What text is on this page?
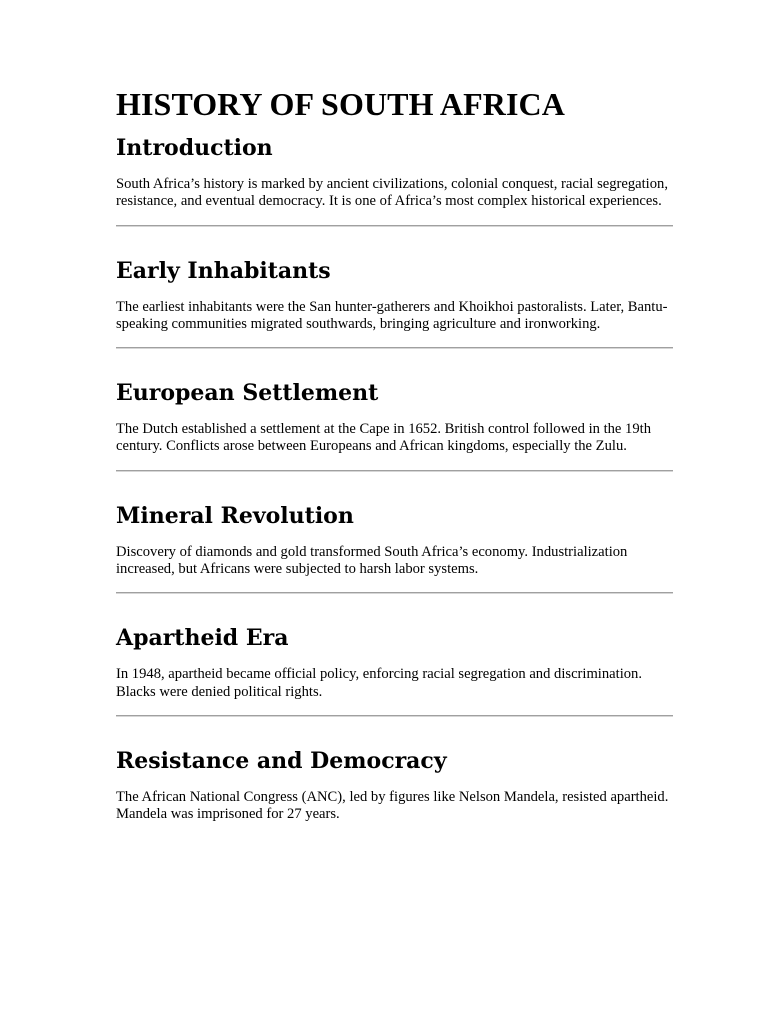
HISTORY OF SOUTH AFRICA
Introduction

South Africa’s history is marked by ancient civilizations, colonial conquest, racial segregation, resistance, and eventual democracy. It is one of Africa’s most complex historical experiences.

Early Inhabitants

The earliest inhabitants were the San hunter-gatherers and Khoikhoi pastoralists. Later, Bantu-speaking communities migrated southwards, bringing agriculture and ironworking.

European Settlement

The Dutch established a settlement at the Cape in 1652. British control followed in the 19th century. Conflicts arose between Europeans and African kingdoms, especially the Zulu.

Mineral Revolution

Discovery of diamonds and gold transformed South Africa’s economy. Industrialization increased, but Africans were subjected to harsh labor systems.

Apartheid Era

In 1948, apartheid became official policy, enforcing racial segregation and discrimination. Blacks were denied political rights.

Resistance and Democracy

The African National Congress (ANC), led by figures like Nelson Mandela, resisted apartheid. Mandela was imprisoned for 27 years.
